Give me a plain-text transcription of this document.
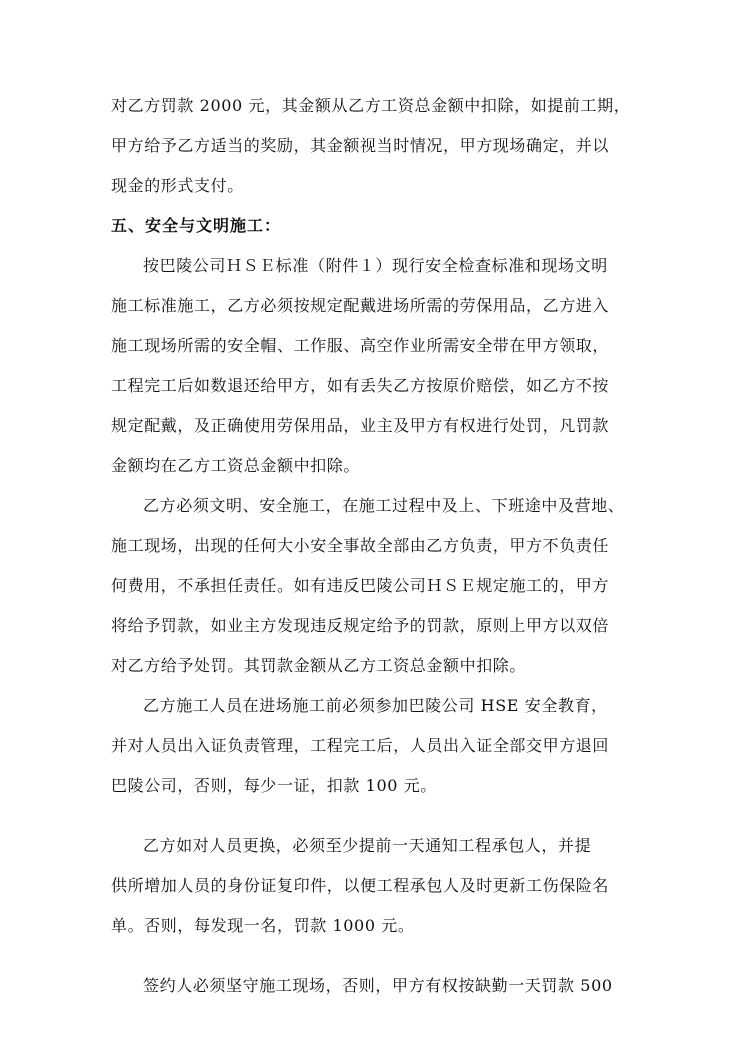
对乙方罚款 2000 元，其金额从乙方工资总金额中扣除，如提前工期，
甲方给予乙方适当的奖励，其金额视当时情况，甲方现场确定，并以
现金的形式支付。
五、安全与文明施工：
按巴陵公司ＨＳＥ标准（附件１）现行安全检查标准和现场文明
施工标准施工，乙方必须按规定配戴进场所需的劳保用品，乙方进入
施工现场所需的安全帽、工作服、高空作业所需安全带在甲方领取，
工程完工后如数退还给甲方，如有丢失乙方按原价赔偿，如乙方不按
规定配戴，及正确使用劳保用品，业主及甲方有权进行处罚，凡罚款
金额均在乙方工资总金额中扣除。
乙方必须文明、安全施工，在施工过程中及上、下班途中及营地、
施工现场，出现的任何大小安全事故全部由乙方负责，甲方不负责任
何费用，不承担任责任。如有违反巴陵公司ＨＳＥ规定施工的，甲方
将给予罚款，如业主方发现违反规定给予的罚款，原则上甲方以双倍
对乙方给予处罚。其罚款金额从乙方工资总金额中扣除。
乙方施工人员在进场施工前必须参加巴陵公司 HSE 安全教育，
并对人员出入证负责管理，工程完工后，人员出入证全部交甲方退回
巴陵公司，否则，每少一证，扣款 100 元。
乙方如对人员更换，必须至少提前一天通知工程承包人，并提
供所增加人员的身份证复印件，以便工程承包人及时更新工伤保险名
单。否则，每发现一名，罚款 1000 元。
签约人必须坚守施工现场，否则，甲方有权按缺勤一天罚款 500
